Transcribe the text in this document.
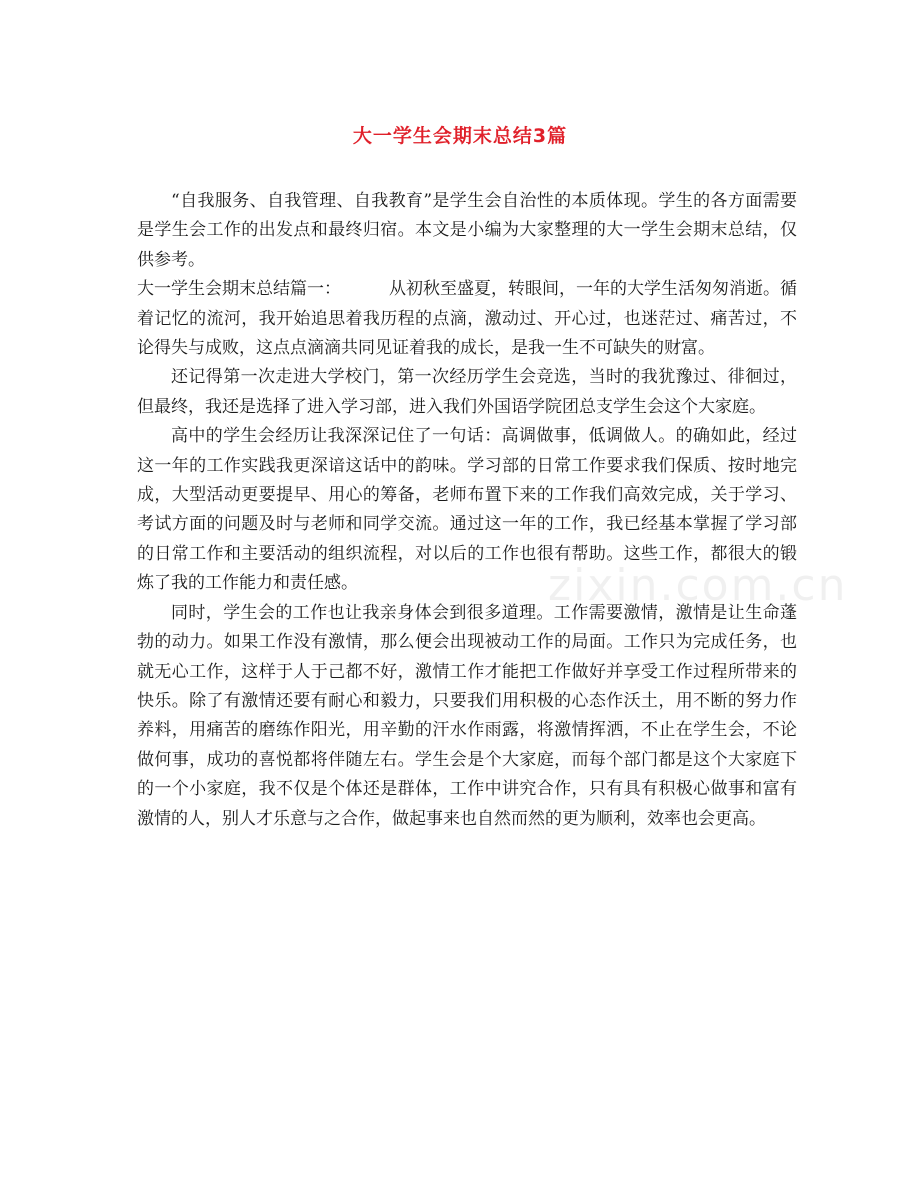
zixin.com.cn
大一学生会期末总结3篇

“自我服务、自我管理、自我教育”是学生会自治性的本质体现。学生的各方面需要是学生会工作的出发点和最终归宿。本文是小编为大家整理的大一学生会期末总结，仅供参考。

大一学生会期末总结篇一：	从初秋至盛夏，转眼间，一年的大学生活匆匆消逝。循着记忆的流河，我开始追思着我历程的点滴，激动过、开心过，也迷茫过、痛苦过，不论得失与成败，这点点滴滴共同见证着我的成长，是我一生不可缺失的财富。

还记得第一次走进大学校门，第一次经历学生会竞选，当时的我犹豫过、徘徊过，但最终，我还是选择了进入学习部，进入我们外国语学院团总支学生会这个大家庭。

高中的学生会经历让我深深记住了一句话：高调做事，低调做人。的确如此，经过这一年的工作实践我更深谙这话中的韵味。学习部的日常工作要求我们保质、按时地完成，大型活动更要提早、用心的筹备，老师布置下来的工作我们高效完成，关于学习、考试方面的问题及时与老师和同学交流。通过这一年的工作，我已经基本掌握了学习部的日常工作和主要活动的组织流程，对以后的工作也很有帮助。这些工作，都很大的锻炼了我的工作能力和责任感。

同时，学生会的工作也让我亲身体会到很多道理。工作需要激情，激情是让生命蓬勃的动力。如果工作没有激情，那么便会出现被动工作的局面。工作只为完成任务，也就无心工作，这样于人于己都不好，激情工作才能把工作做好并享受工作过程所带来的快乐。除了有激情还要有耐心和毅力，只要我们用积极的心态作沃土，用不断的努力作养料，用痛苦的磨练作阳光，用辛勤的汗水作雨露，将激情挥洒，不止在学生会，不论做何事，成功的喜悦都将伴随左右。学生会是个大家庭，而每个部门都是这个大家庭下的一个小家庭，我不仅是个体还是群体，工作中讲究合作，只有具有积极心做事和富有激情的人，别人才乐意与之合作，做起事来也自然而然的更为顺利，效率也会更高。
